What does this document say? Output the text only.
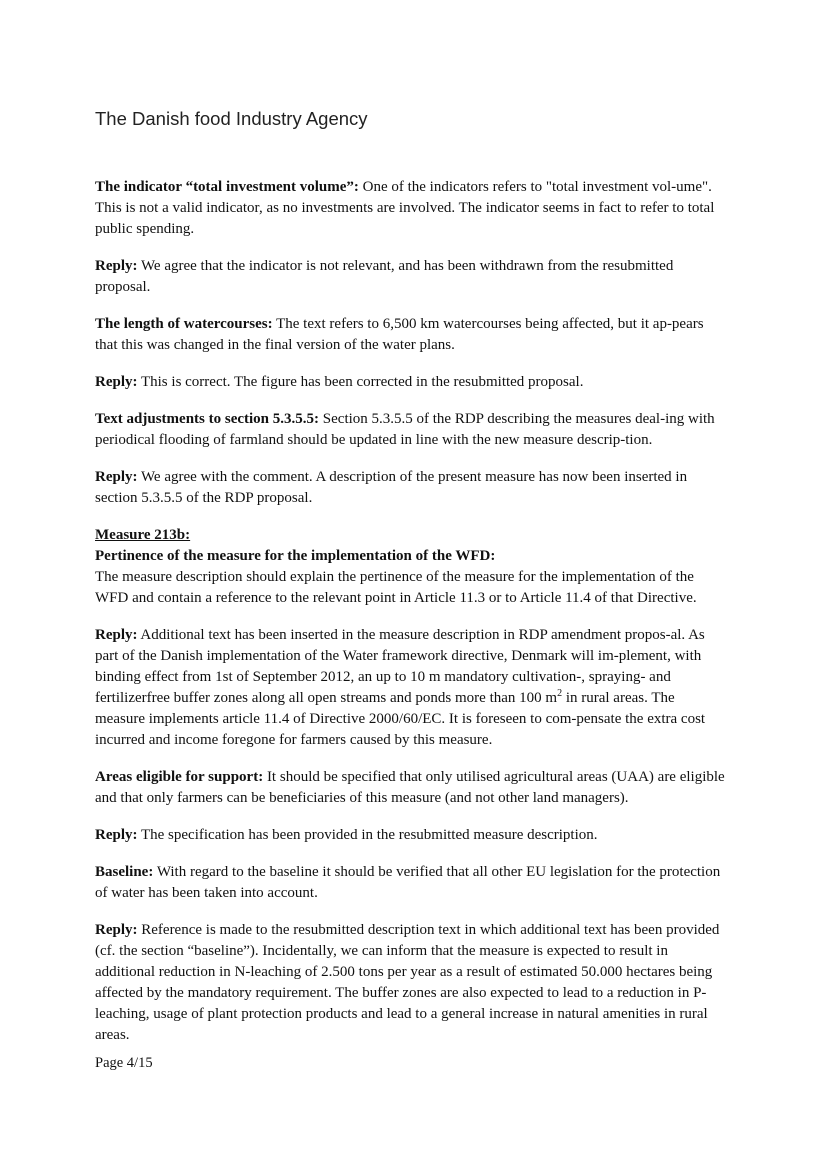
The Danish food Industry Agency

The indicator “total investment volume”: One of the indicators refers to "total investment vol-ume". This is not a valid indicator, as no investments are involved. The indicator seems in fact to refer to total public spending.

Reply: We agree that the indicator is not relevant, and has been withdrawn from the resubmitted proposal.

The length of watercourses: The text refers to 6,500 km watercourses being affected, but it ap-pears that this was changed in the final version of the water plans.

Reply: This is correct. The figure has been corrected in the resubmitted proposal.

Text adjustments to section 5.3.5.5: Section 5.3.5.5 of the RDP describing the measures deal-ing with periodical flooding of farmland should be updated in line with the new measure descrip-tion.

Reply: We agree with the comment. A description of the present measure has now been inserted in section 5.3.5.5 of the RDP proposal.

Measure 213b:

Pertinence of the measure for the implementation of the WFD:

The measure description should explain the pertinence of the measure for the implementation of the WFD and contain a reference to the relevant point in Article 11.3 or to Article 11.4 of that Directive.

Reply: Additional text has been inserted in the measure description in RDP amendment propos-al. As part of the Danish implementation of the Water framework directive, Denmark will im-plement, with binding effect from 1st of September 2012, an up to 10 m mandatory cultivation-, spraying- and fertilizerfree buffer zones along all open streams and ponds more than 100 $m^2$ in rural areas. The measure implements article 11.4 of Directive 2000/60/EC. It is foreseen to com-pensate the extra cost incurred and income foregone for farmers caused by this measure.

Areas eligible for support: It should be specified that only utilised agricultural areas (UAA) are eligible and that only farmers can be beneficiaries of this measure (and not other land managers).

Reply: The specification has been provided in the resubmitted measure description.

Baseline: With regard to the baseline it should be verified that all other EU legislation for the protection of water has been taken into account.

Reply: Reference is made to the resubmitted description text in which additional text has been provided (cf. the section “baseline”). Incidentally, we can inform that the measure is expected to result in additional reduction in N-leaching of 2.500 tons per year as a result of estimated 50.000 hectares being affected by the mandatory requirement. The buffer zones are also expected to lead to a reduction in P-leaching, usage of plant protection products and lead to a general increase in natural amenities in rural areas.

Page 4/15
